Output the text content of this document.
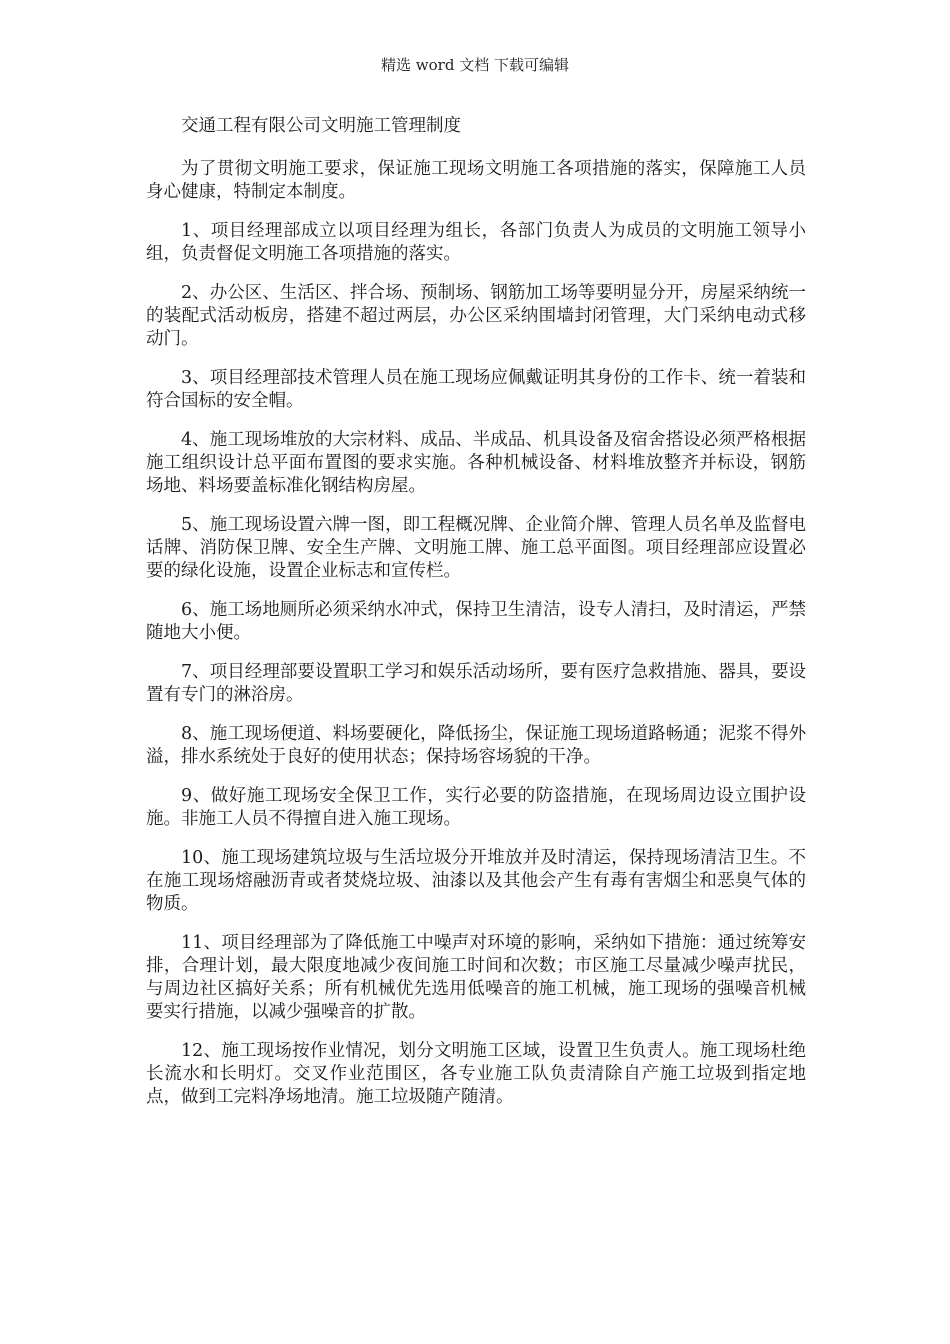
精选 word 文档 下载可编辑

交通工程有限公司文明施工管理制度

为了贯彻文明施工要求，保证施工现场文明施工各项措施的落实，保障施工人员身心健康，特制定本制度。

1、项目经理部成立以项目经理为组长，各部门负责人为成员的文明施工领导小组，负责督促文明施工各项措施的落实。

2、办公区、生活区、拌合场、预制场、钢筋加工场等要明显分开，房屋采纳统一的装配式活动板房，搭建不超过两层，办公区采纳围墙封闭管理，大门采纳电动式移动门。

3、项目经理部技术管理人员在施工现场应佩戴证明其身份的工作卡、统一着装和符合国标的安全帽。

4、施工现场堆放的大宗材料、成品、半成品、机具设备及宿舍搭设必须严格根据施工组织设计总平面布置图的要求实施。各种机械设备、材料堆放整齐并标设，钢筋场地、料场要盖标准化钢结构房屋。

5、施工现场设置六牌一图，即工程概况牌、企业简介牌、管理人员名单及监督电话牌、消防保卫牌、安全生产牌、文明施工牌、施工总平面图。项目经理部应设置必要的绿化设施，设置企业标志和宣传栏。

6、施工场地厕所必须采纳水冲式，保持卫生清洁，设专人清扫，及时清运，严禁随地大小便。

7、项目经理部要设置职工学习和娱乐活动场所，要有医疗急救措施、器具，要设置有专门的淋浴房。

8、施工现场便道、料场要硬化，降低扬尘，保证施工现场道路畅通；泥浆不得外溢，排水系统处于良好的使用状态；保持场容场貌的干净。

9、做好施工现场安全保卫工作，实行必要的防盗措施，在现场周边设立围护设施。非施工人员不得擅自进入施工现场。

10、施工现场建筑垃圾与生活垃圾分开堆放并及时清运，保持现场清洁卫生。不在施工现场熔融沥青或者焚烧垃圾、油漆以及其他会产生有毒有害烟尘和恶臭气体的物质。

11、项目经理部为了降低施工中噪声对环境的影响，采纳如下措施：通过统筹安排，合理计划，最大限度地减少夜间施工时间和次数；市区施工尽量减少噪声扰民，与周边社区搞好关系；所有机械优先选用低噪音的施工机械，施工现场的强噪音机械要实行措施，以减少强噪音的扩散。

12、施工现场按作业情况，划分文明施工区域，设置卫生负责人。施工现场杜绝长流水和长明灯。交叉作业范围区，各专业施工队负责清除自产施工垃圾到指定地点，做到工完料净场地清。施工垃圾随产随清。
